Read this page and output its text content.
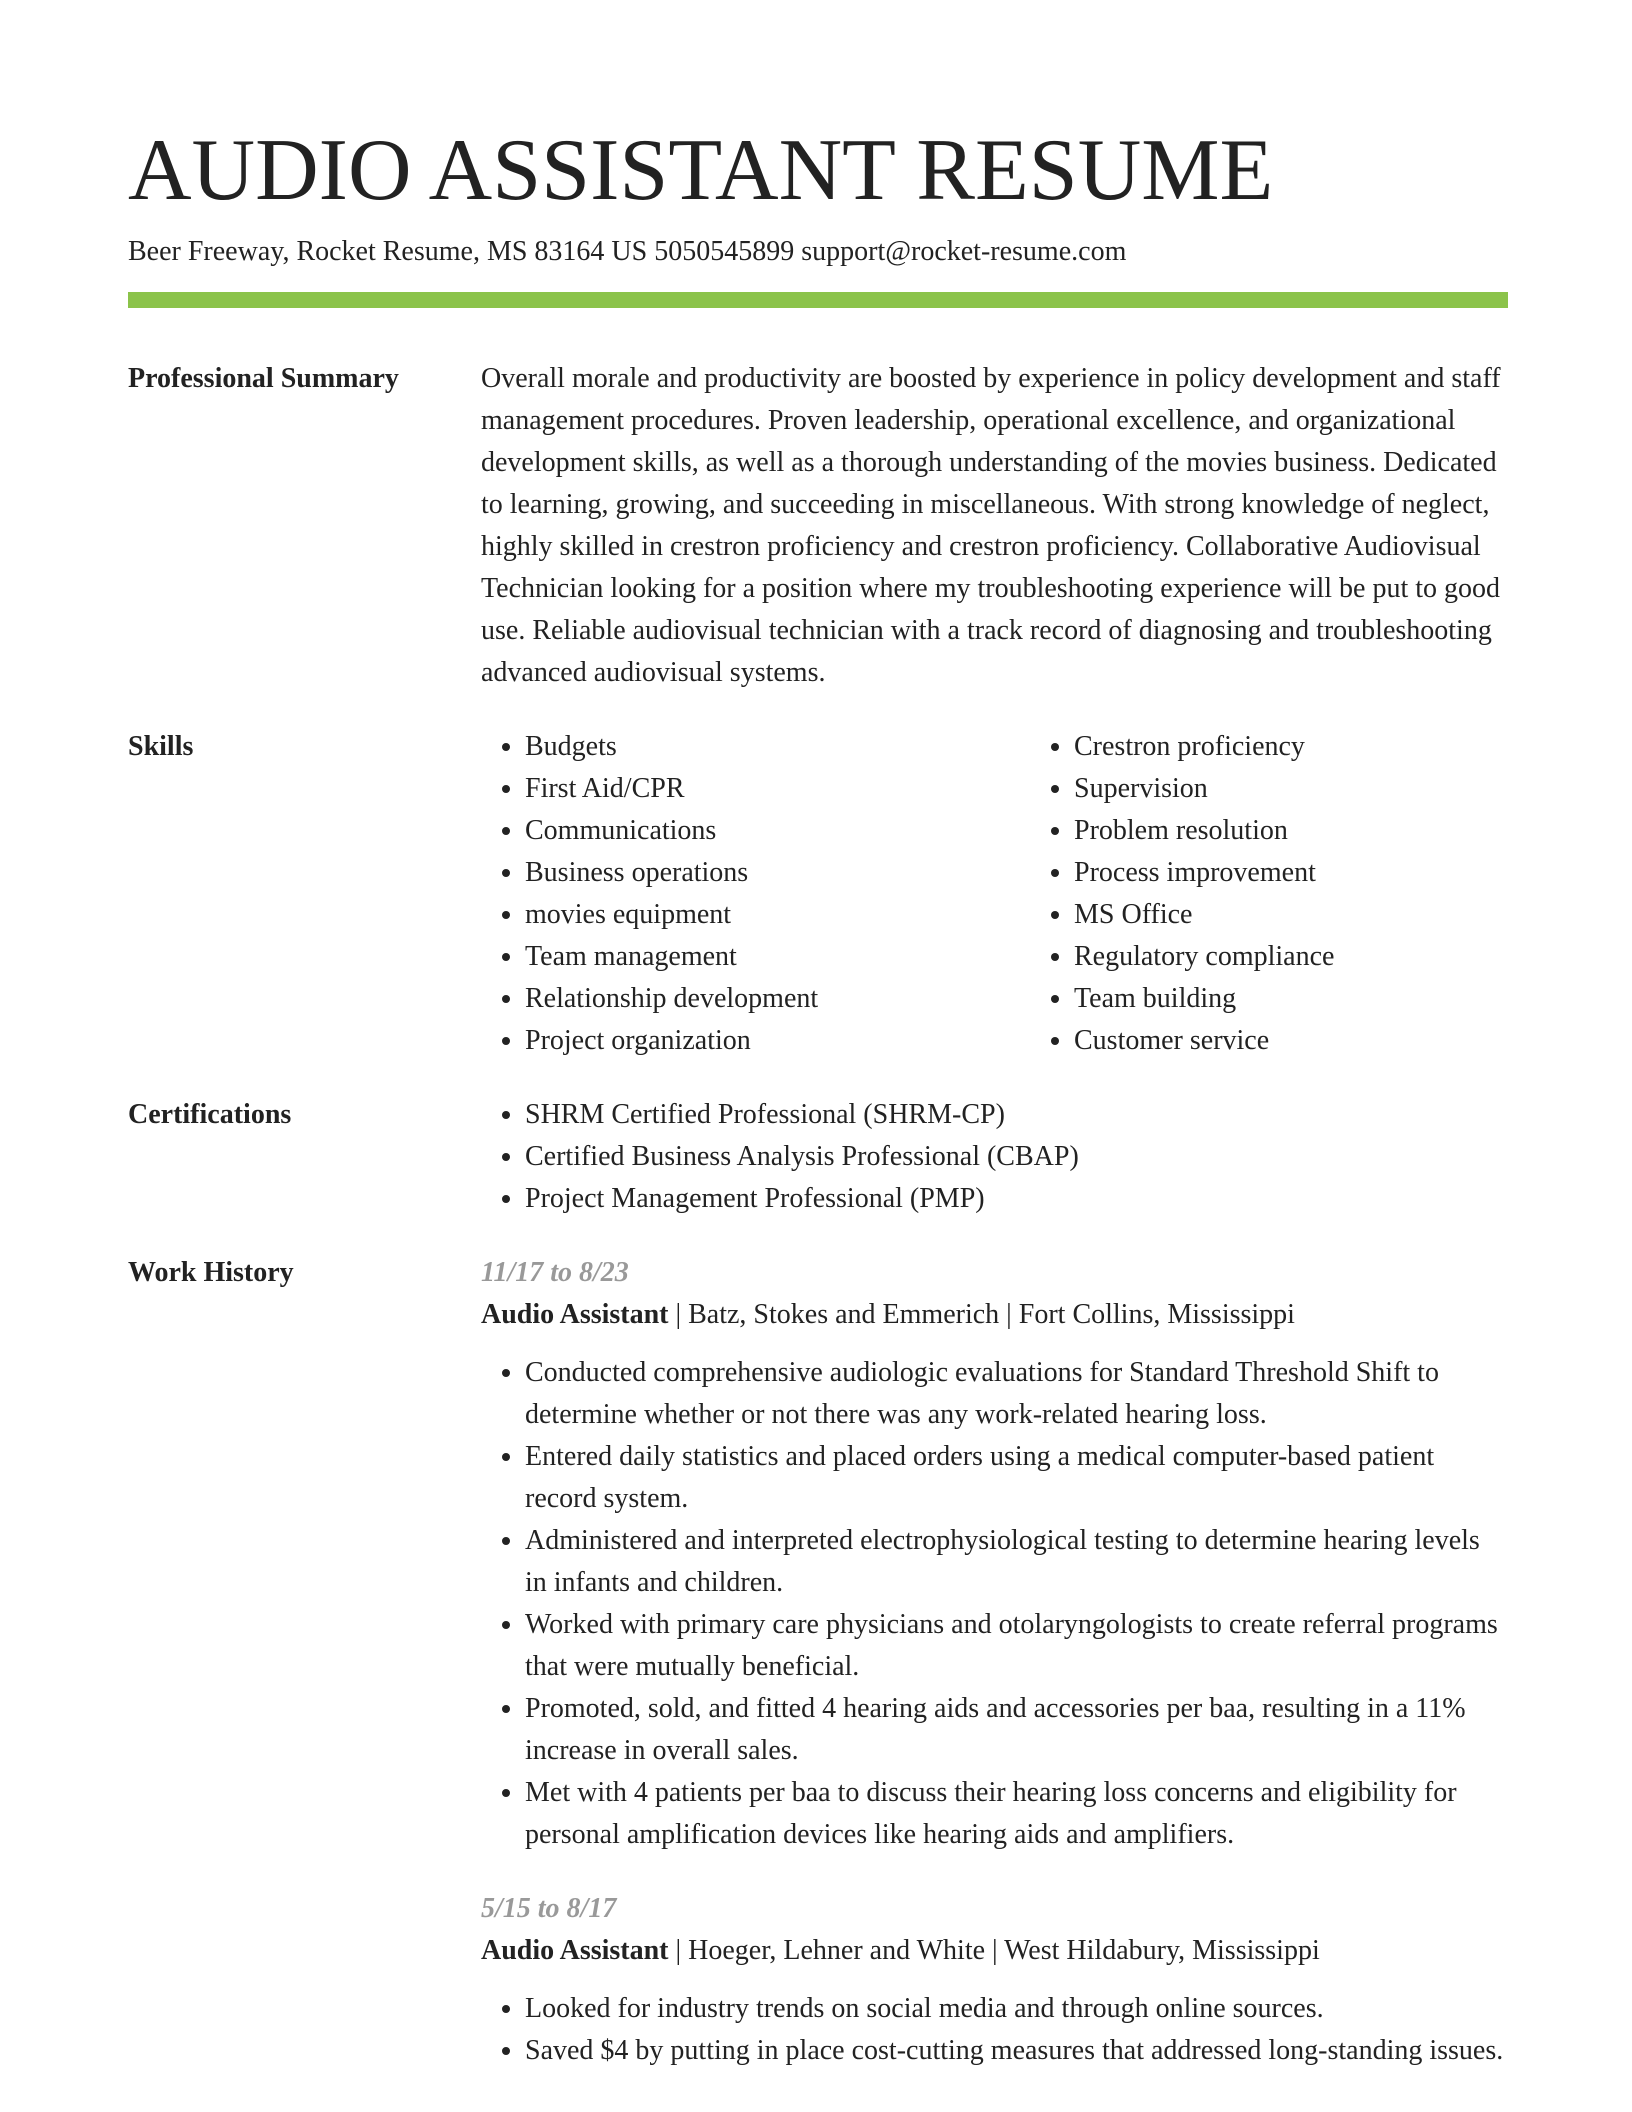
AUDIO ASSISTANT RESUME
Beer Freeway, Rocket Resume, MS 83164 US 5050545899 support@rocket-resume.com
Professional Summary	Overall morale and productivity are boosted by experience in policy development and staff management procedures. Proven leadership, operational excellence, and organizational development skills, as well as a thorough understanding of the movies business. Dedicated to learning, growing, and succeeding in miscellaneous. With strong knowledge of neglect, highly skilled in crestron proficiency and crestron proficiency. Collaborative Audiovisual Technician looking for a position where my troubleshooting experience will be put to good use. Reliable audiovisual technician with a track record of diagnosing and troubleshooting advanced audiovisual systems.
Skills	• Budgets
• First Aid/CPR
• Communications
• Business operations
• movies equipment
• Team management
• Relationship development
• Project organization
• Crestron proficiency
• Supervision
• Problem resolution
• Process improvement
• MS Office
• Regulatory compliance
• Team building
• Customer service
Certifications	• SHRM Certified Professional (SHRM-CP)
• Certified Business Analysis Professional (CBAP)
• Project Management Professional (PMP)
Work History	11/17 to 8/23
Audio Assistant | Batz, Stokes and Emmerich | Fort Collins, Mississippi
• Conducted comprehensive audiologic evaluations for Standard Threshold Shift to determine whether or not there was any work-related hearing loss.
• Entered daily statistics and placed orders using a medical computer-based patient record system.
• Administered and interpreted electrophysiological testing to determine hearing levels in infants and children.
• Worked with primary care physicians and otolaryngologists to create referral programs that were mutually beneficial.
• Promoted, sold, and fitted 4 hearing aids and accessories per baa, resulting in a 11% increase in overall sales.
• Met with 4 patients per baa to discuss their hearing loss concerns and eligibility for personal amplification devices like hearing aids and amplifiers.
5/15 to 8/17
Audio Assistant | Hoeger, Lehner and White | West Hildabury, Mississippi
• Looked for industry trends on social media and through online sources.
• Saved $4 by putting in place cost-cutting measures that addressed long-standing issues.
